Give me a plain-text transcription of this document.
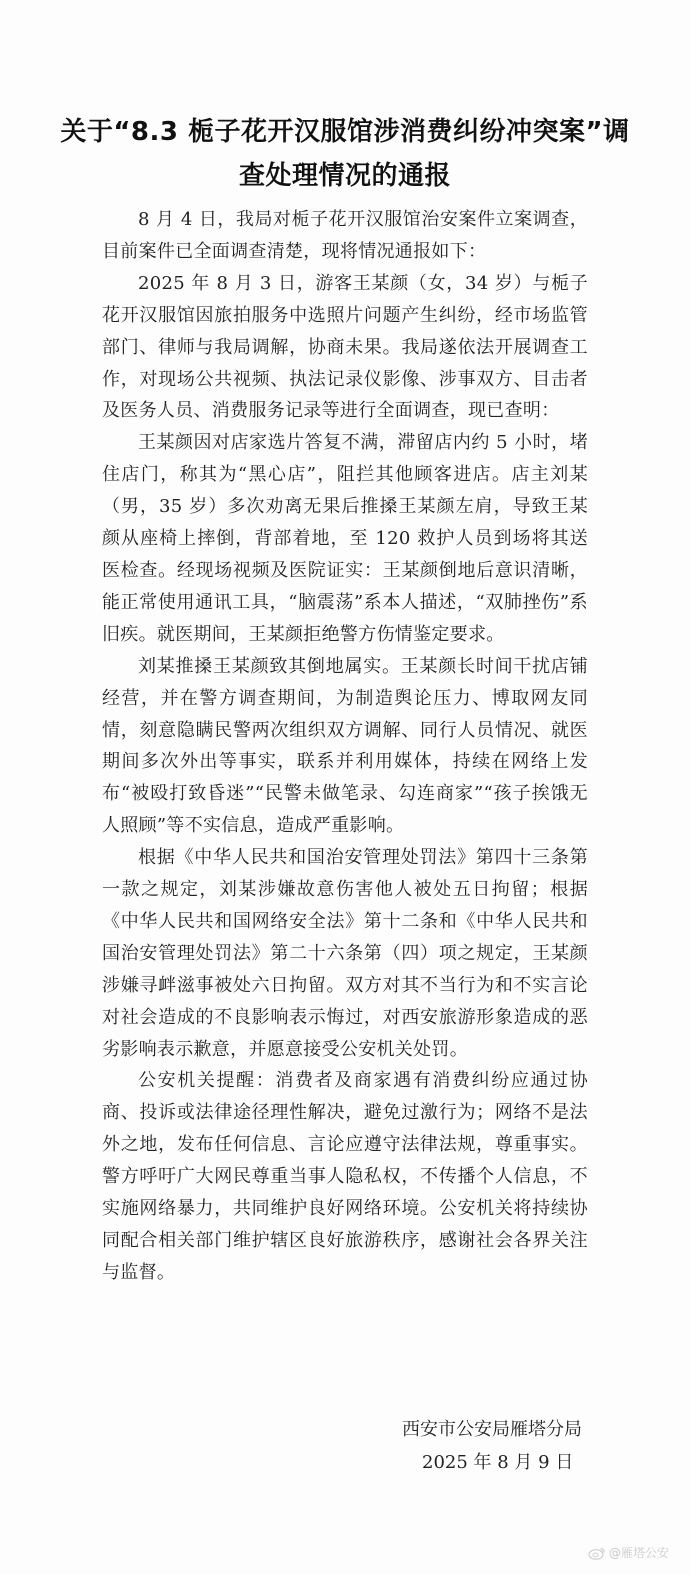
关于“8.3 栀子花开汉服馆涉消费纠纷冲突案”调查处理情况的通报

8 月 4 日，我局对栀子花开汉服馆治安案件立案调查，目前案件已全面调查清楚，现将情况通报如下：

2025 年 8 月 3 日，游客王某颜（女，34 岁）与栀子花开汉服馆因旅拍服务中选照片问题产生纠纷，经市场监管部门、律师与我局调解，协商未果。我局遂依法开展调查工作，对现场公共视频、执法记录仪影像、涉事双方、目击者及医务人员、消费服务记录等进行全面调查，现已查明：

王某颜因对店家选片答复不满，滞留店内约 5 小时，堵住店门，称其为“黑心店”，阻拦其他顾客进店。店主刘某（男，35 岁）多次劝离无果后推搡王某颜左肩，导致王某颜从座椅上摔倒，背部着地，至 120 救护人员到场将其送医检查。经现场视频及医院证实：王某颜倒地后意识清晰，能正常使用通讯工具，“脑震荡”系本人描述，“双肺挫伤”系旧疾。就医期间，王某颜拒绝警方伤情鉴定要求。

刘某推搡王某颜致其倒地属实。王某颜长时间干扰店铺经营，并在警方调查期间，为制造舆论压力、博取网友同情，刻意隐瞒民警两次组织双方调解、同行人员情况、就医期间多次外出等事实，联系并利用媒体，持续在网络上发布“被殴打致昏迷”“民警未做笔录、勾连商家”“孩子挨饿无人照顾”等不实信息，造成严重影响。

根据《中华人民共和国治安管理处罚法》第四十三条第一款之规定，刘某涉嫌故意伤害他人被处五日拘留；根据《中华人民共和国网络安全法》第十二条和《中华人民共和国治安管理处罚法》第二十六条第（四）项之规定，王某颜涉嫌寻衅滋事被处六日拘留。双方对其不当行为和不实言论对社会造成的不良影响表示悔过，对西安旅游形象造成的恶劣影响表示歉意，并愿意接受公安机关处罚。

公安机关提醒：消费者及商家遇有消费纠纷应通过协商、投诉或法律途径理性解决，避免过激行为；网络不是法外之地，发布任何信息、言论应遵守法律法规，尊重事实。警方呼吁广大网民尊重当事人隐私权，不传播个人信息，不实施网络暴力，共同维护良好网络环境。公安机关将持续协同配合相关部门维护辖区良好旅游秩序，感谢社会各界关注与监督。

西安市公安局雁塔分局
2025 年 8 月 9 日
@雁塔公安
